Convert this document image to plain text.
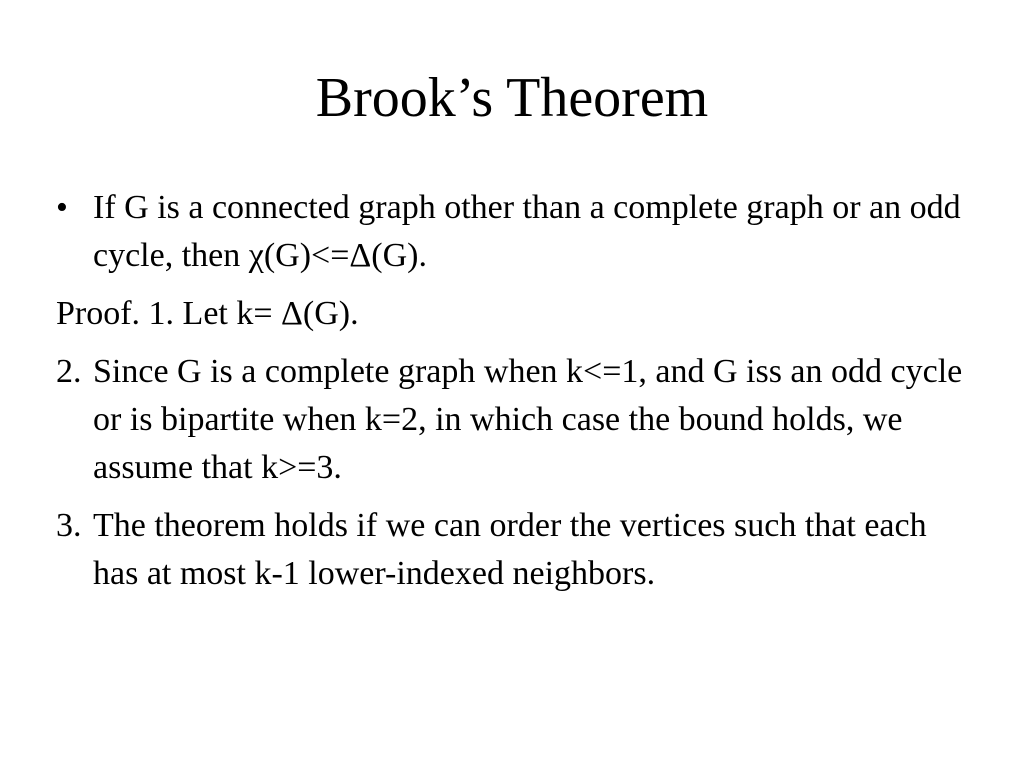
Brook’s Theorem
• If G is a connected graph other than a complete graph or an odd cycle, then χ(G)<=Δ(G).
Proof. 1. Let k= Δ(G).
2. Since G is a complete graph when k<=1, and G iss an odd cycle or is bipartite when k=2, in which case the bound holds, we assume that k>=3.
3. The theorem holds if we can order the vertices such that each has at most k-1 lower-indexed neighbors.
